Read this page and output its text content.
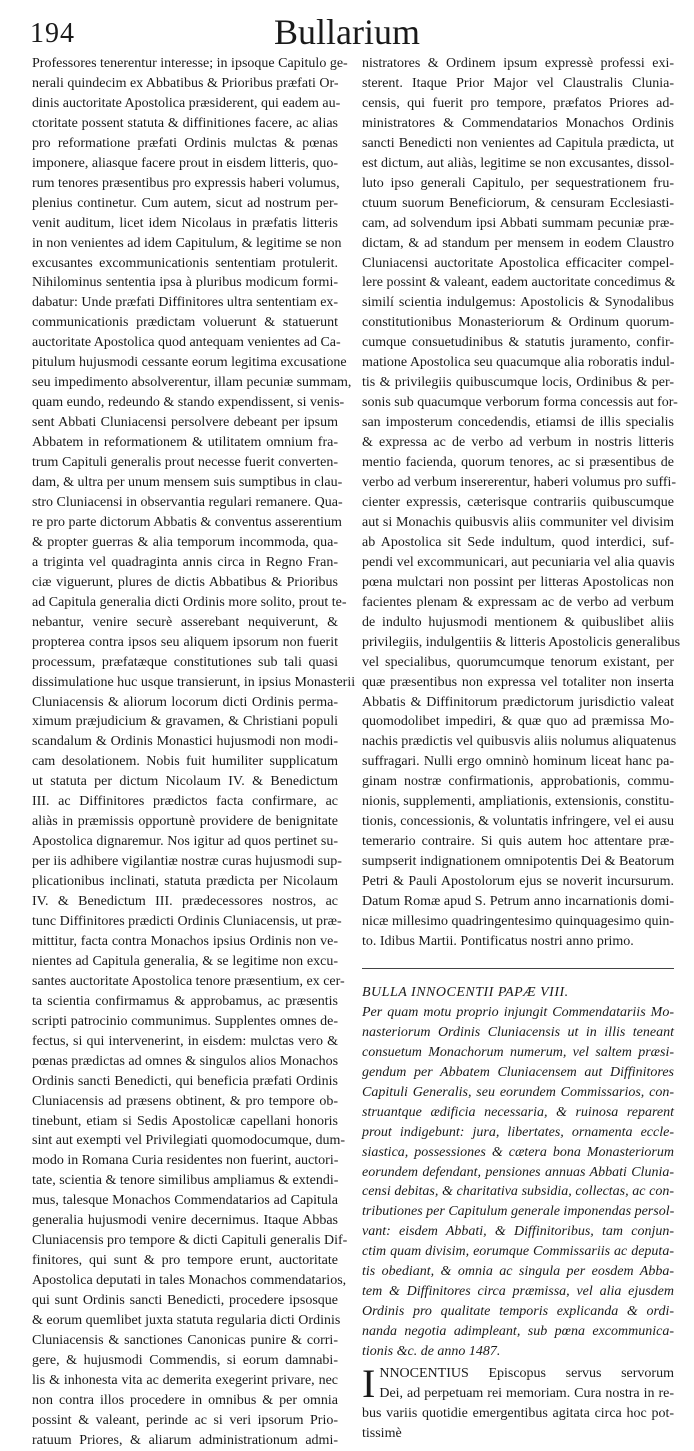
194	Bullarium
Professores tenerentur interesse; in ipsoque Capitulo ge-
nerali quindecim ex Abbatibus & Prioribus præfati Or-
dinis auctoritate Apostolica præsiderent, qui eadem au-
ctoritate possent statuta & diffinitiones facere, ac alias
pro reformatione præfati Ordinis mulctas & pœnas
imponere, aliasque facere prout in eisdem litteris, quo-
rum tenores præsentibus pro expressis haberi volumus,
plenius continetur. Cum autem, sicut ad nostrum per-
venit auditum, licet idem Nicolaus in præfatis litteris
in non venientes ad idem Capitulum, & legitime se non
excusantes excommunicationis sententiam protulerit.
Nihilominus sententia ipsa à pluribus modicum formi-
dabatur: Unde præfati Diffinitores ultra sententiam ex-
communicationis prædictam voluerunt & statuerunt
auctoritate Apostolica quod antequam venientes ad Ca-
pitulum hujusmodi cessante eorum legitima excusatione
seu impedimento absolverentur, illam pecuniæ summam,
quam eundo, redeundo & stando expendissent, si venis-
sent Abbati Cluniacensi persolvere debeant per ipsum
Abbatem in reformationem & utilitatem omnium fra-
trum Capituli generalis prout necesse fuerit converten-
dam, & ultra per unum mensem suis sumptibus in clau-
stro Cluniacensi in observantia regulari remanere. Qua-
re pro parte dictorum Abbatis & conventus asserentium
& propter guerras & alia temporum incommoda, qua-
a triginta vel quadraginta annis circa in Regno Fran-
ciæ viguerunt, plures de dictis Abbatibus & Prioribus
ad Capitula generalia dicti Ordinis more solito, prout te-
nebantur, venire securè asserebant nequiverunt, &
propterea contra ipsos seu aliquem ipsorum non fuerit
processum, præfatæque constitutiones sub tali quasi
dissimulatione huc usque transierunt, in ipsius Monasterii
Cluniacensis & aliorum locorum dicti Ordinis perma-
ximum præjudicium & gravamen, & Christiani populi
scandalum & Ordinis Monastici hujusmodi non modi-
cam desolationem. Nobis fuit humiliter supplicatum
ut statuta per dictum Nicolaum IV. & Benedictum
III. ac Diffinitores prædictos facta confirmare, ac
aliàs in præmissis opportunè providere de benignitate
Apostolica dignaremur. Nos igitur ad quos pertinet su-
per iis adhibere vigilantiæ nostræ curas hujusmodi sup-
plicationibus inclinati, statuta prædicta per Nicolaum
IV. & Benedictum III. prædecessores nostros, ac
tunc Diffinitores prædicti Ordinis Cluniacensis, ut præ-
mittitur, facta contra Monachos ipsius Ordinis non ve-
nientes ad Capitula generalia, & se legitime non excu-
santes auctoritate Apostolica tenore præsentium, ex cer-
ta scientia confirmamus & approbamus, ac præsentis
scripti patrocinio communimus. Supplentes omnes de-
fectus, si qui intervenerint, in eisdem: mulctas vero &
pœnas prædictas ad omnes & singulos alios Monachos
Ordinis sancti Benedicti, qui beneficia præfati Ordinis
Cluniacensis ad præsens obtinent, & pro tempore ob-
tinebunt, etiam si Sedis Apostolicæ capellani honoris
sint aut exempti vel Privilegiati quomodocumque, dum-
modo in Romana Curia residentes non fuerint, auctori-
tate, scientia & tenore similibus ampliamus & extendi-
mus, talesque Monachos Commendatarios ad Capitula
generalia hujusmodi venire decernimus. Itaque Abbas
Cluniacensis pro tempore & dicti Capituli generalis Dif-
finitores, qui sunt & pro tempore erunt, auctoritate
Apostolica deputati in tales Monachos commendatarios,
qui sunt Ordinis sancti Benedicti, procedere ipsosque
& eorum quemlibet juxta statuta regularia dicti Ordinis
Cluniacensis & sanctiones Canonicas punire & corri-
gere, & hujusmodi Commendis, si eorum damnabi-
lis & inhonesta vita ac demerita exegerint privare, nec
non contra illos procedere in omnibus & per omnia
possint & valeant, perinde ac si veri ipsorum Prio-
ratuum Priores, & aliarum administrationum admi-
nistratores & Ordinem ipsum expressè professi exi-
sterent. Itaque Prior Major vel Claustralis Clunia-
censis, qui fuerit pro tempore, præfatos Priores ad-
ministratores & Commendatarios Monachos Ordinis
sancti Benedicti non venientes ad Capitula prædicta, ut
est dictum, aut aliàs, legitime se non excusantes, dissol-
luto ipso generali Capitulo, per sequestrationem fru-
ctuum suorum Beneficiorum, & censuram Ecclesiasti-
cam, ad solvendum ipsi Abbati summam pecuniæ præ-
dictam, & ad standum per mensem in eodem Claustro
Cluniacensi auctoritate Apostolica efficaciter compel-
lere possint & valeant, eadem auctoritate concedimus &
similí scientia indulgemus: Apostolicis & Synodalibus
constitutionibus Monasteriorum & Ordinum quorum-
cumque consuetudinibus & statutis juramento, confir-
matione Apostolica seu quacumque alia roboratis indul-
tis & privilegiis quibuscumque locis, Ordinibus & per-
sonis sub quacumque verborum forma concessis aut for-
san imposterum concedendis, etiamsi de illis specialis
& expressa ac de verbo ad verbum in nostris litteris
mentio facienda, quorum tenores, ac si præsentibus de
verbo ad verbum insererentur, haberi volumus pro suffi-
cienter expressis, cæterisque contrariis quibuscumque
aut si Monachis quibusvis aliis communiter vel divisim
ab Apostolica sit Sede indultum, quod interdici, suf-
pendi vel excommunicari, aut pecuniaria vel alia quavis
pœna mulctari non possint per litteras Apostolicas non
facientes plenam & expressam ac de verbo ad verbum
de indulto hujusmodi mentionem & quibuslibet aliis
privilegiis, indulgentiis & litteris Apostolicis generalibus
vel specialibus, quorumcumque tenorum existant, per
quæ præsentibus non expressa vel totaliter non inserta
Abbatis & Diffinitorum prædictorum jurisdictio valeat
quomodolibet impediri, & quæ quo ad præmissa Mo-
nachis prædictis vel quibusvis aliis nolumus aliquatenus
suffragari. Nulli ergo omninò hominum liceat hanc pa-
ginam nostræ confirmationis, approbationis, commu-
nionis, supplementi, ampliationis, extensionis, constitu-
tionis, concessionis, & voluntatis infringere, vel ei ausu
temerario contraire. Si quis autem hoc attentare præ-
sumpserit indignationem omnipotentis Dei & Beatorum
Petri & Pauli Apostolorum ejus se noverit incursurum.
Datum Romæ apud S. Petrum anno incarnationis domi-
nicæ millesimo quadringentesimo quinquagesimo quin-
to. Idibus Martii. Pontificatus nostri anno primo.
BULLA INNOCENTII PAPÆ VIII.
Per quam motu proprio injungit Commendatariis Mo-
nasteriorum Ordinis Cluniacensis ut in illis teneant
consuetum Monachorum numerum, vel saltem præsi-
gendum per Abbatem Cluniacensem aut Diffinitores
Capituli Generalis, seu eorundem Commissarios, con-
struantque ædificia necessaria, & ruinosa reparent
prout indigebunt: jura, libertates, ornamenta eccle-
siastica, possessiones & cætera bona Monasteriorum
eorundem defendant, pensiones annuas Abbati Clunia-
censi debitas, & charitativa subsidia, collectas, ac con-
tributiones per Capitulum generale imponendas persol-
vant: eisdem Abbati, & Diffinitoribus, tam conjun-
ctim quam divisim, eorumque Commissariis ac deputa-
tis obediant, & omnia ac singula per eosdem Abba-
tem & Diffinitores circa præmissa, vel alia ejusdem
Ordinis pro qualitate temporis explicanda & ordi-
nanda negotia adimpleant, sub pœna excommunica-
tionis &c. de anno 1487.
I NNOCENTIUS Episcopus servus servorum
Dei, ad perpetuam rei memoriam. Cura nostra in re-
bus variis quotidie emergentibus agitata circa hoc pot-
tissimè
